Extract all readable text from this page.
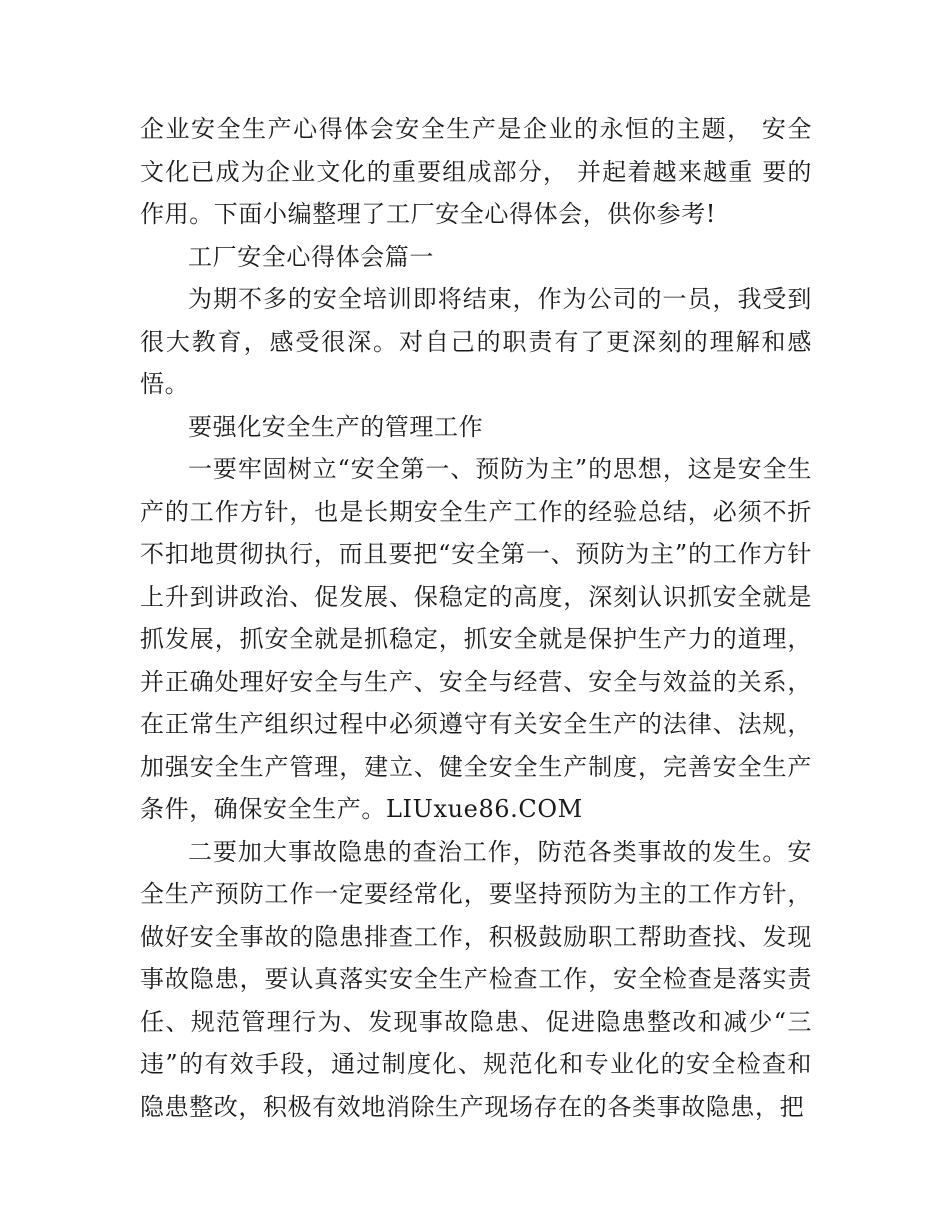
企业安全生产心得体会安全生产是企业的永恒的主题， 安全文化已成为企业文化的重要组成部分， 并起着越来越重 要的作用。下面小编整理了工厂安全心得体会，供你参考!

工厂安全心得体会篇一

为期不多的安全培训即将结束，作为公司的一员，我受到很大教育，感受很深。对自己的职责有了更深刻的理解和感悟。

要强化安全生产的管理工作

一要牢固树立“安全第一、预防为主”的思想，这是安全生产的工作方针，也是长期安全生产工作的经验总结，必须不折不扣地贯彻执行，而且要把“安全第一、预防为主”的工作方针上升到讲政治、促发展、保稳定的高度，深刻认识抓安全就是抓发展，抓安全就是抓稳定，抓安全就是保护生产力的道理，并正确处理好安全与生产、安全与经营、安全与效益的关系，在正常生产组织过程中必须遵守有关安全生产的法律、法规，加强安全生产管理，建立、健全安全生产制度，完善安全生产条件，确保安全生产。LIUxue86.COM

二要加大事故隐患的查治工作，防范各类事故的发生。安全生产预防工作一定要经常化，要坚持预防为主的工作方针，做好安全事故的隐患排查工作，积极鼓励职工帮助查找、发现事故隐患，要认真落实安全生产检查工作，安全检查是落实责任、规范管理行为、发现事故隐患、促进隐患整改和减少“三违”的有效手段，通过制度化、规范化和专业化的安全检查和隐患整改，积极有效地消除生产现场存在的各类事故隐患，把
